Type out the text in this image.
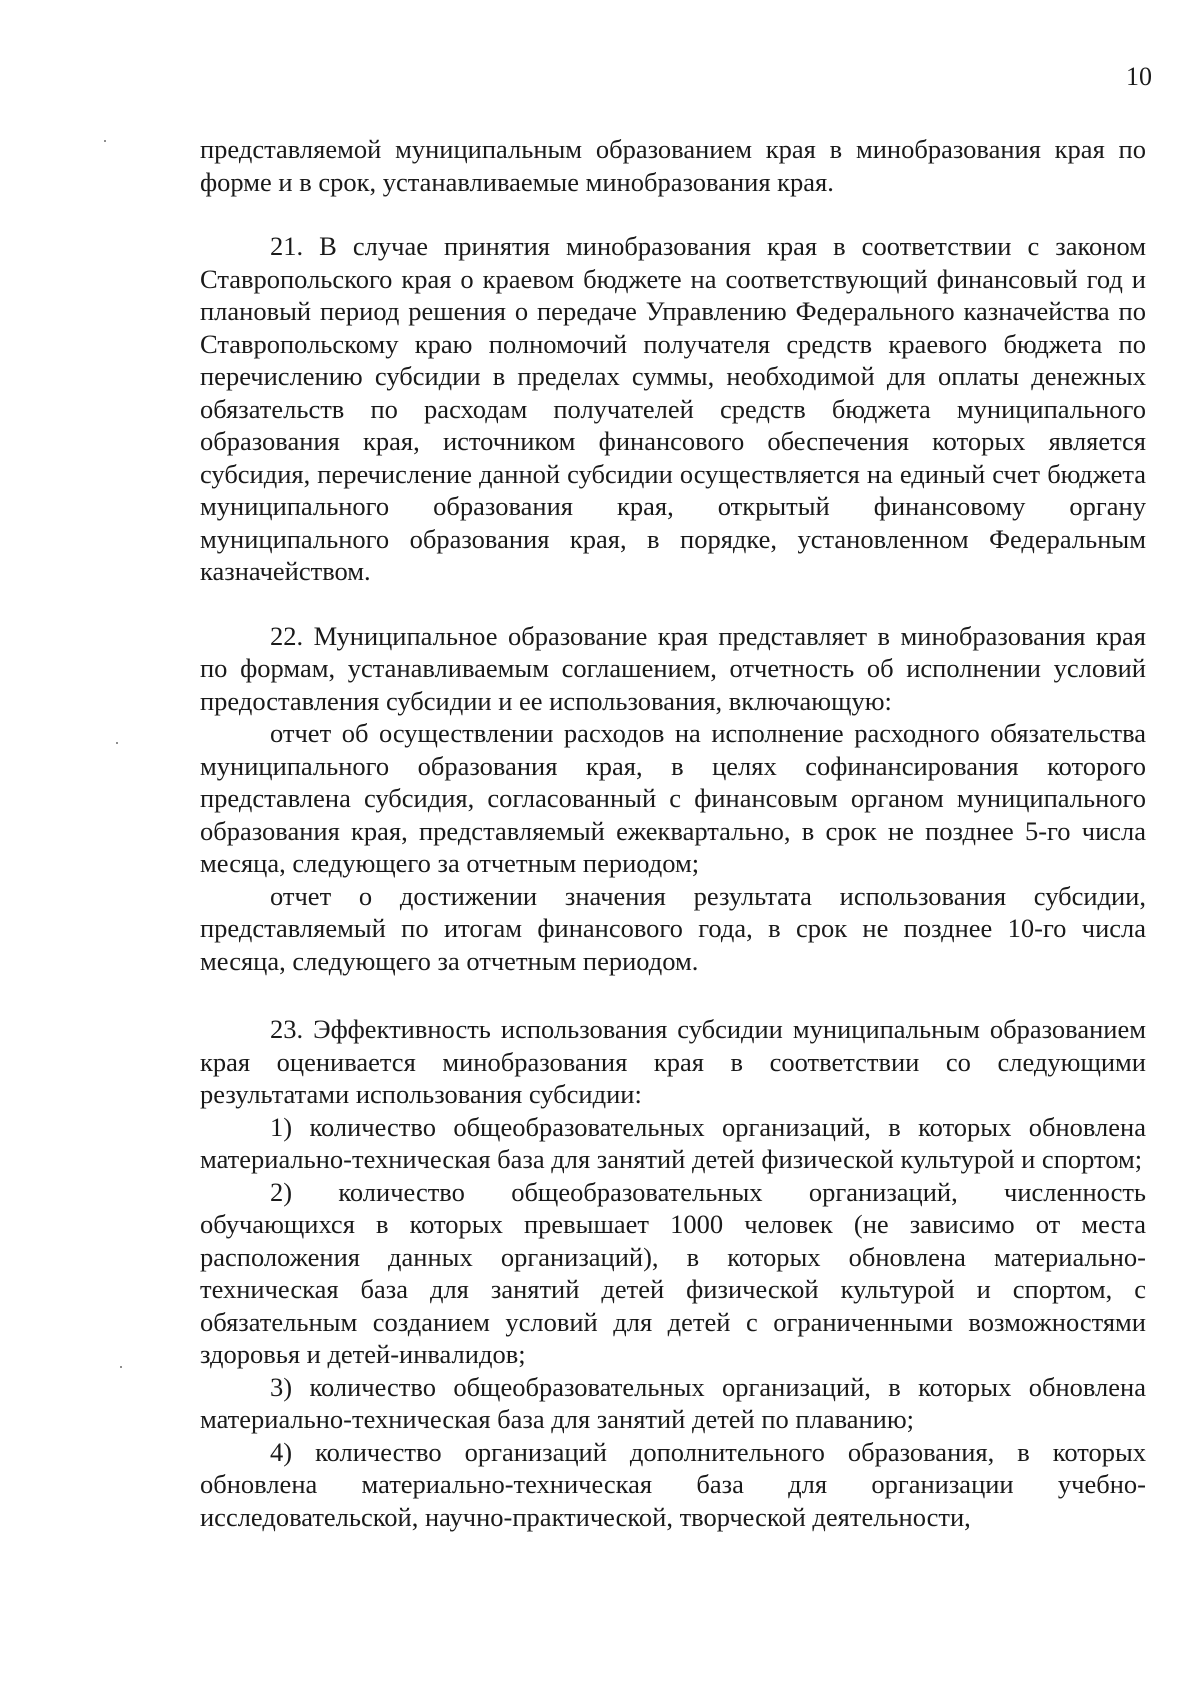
10

представляемой муниципальным образованием края в минобразования края по форме и в срок, устанавливаемые минобразования края.

21. В случае принятия минобразования края в соответствии с законом Ставропольского края о краевом бюджете на соответствующий финансовый год и плановый период решения о передаче Управлению Федерального казначейства по Ставропольскому краю полномочий получателя средств краевого бюджета по перечислению субсидии в пределах суммы, необходимой для оплаты денежных обязательств по расходам получателей средств бюджета муниципального образования края, источником финансового обеспечения которых является субсидия, перечисление данной субсидии осуществляется на единый счет бюджета муниципального образования края, открытый финансовому органу муниципального образования края, в порядке, установленном Федеральным казначейством.

22. Муниципальное образование края представляет в минобразования края по формам, устанавливаемым соглашением, отчетность об исполнении условий предоставления субсидии и ее использования, включающую:

отчет об осуществлении расходов на исполнение расходного обязательства муниципального образования края, в целях софинансирования которого представлена субсидия, согласованный с финансовым органом муниципального образования края, представляемый ежеквартально, в срок не позднее 5-го числа месяца, следующего за отчетным периодом;

отчет о достижении значения результата использования субсидии, представляемый по итогам финансового года, в срок не позднее 10-го числа месяца, следующего за отчетным периодом.

23. Эффективность использования субсидии муниципальным образованием края оценивается минобразования края в соответствии со следующими результатами использования субсидии:

1) количество общеобразовательных организаций, в которых обновлена материально-техническая база для занятий детей физической культурой и спортом;

2) количество общеобразовательных организаций, численность обучающихся в которых превышает 1000 человек (не зависимо от места расположения данных организаций), в которых обновлена материально-техническая база для занятий детей физической культурой и спортом, с обязательным созданием условий для детей с ограниченными возможностями здоровья и детей-инвалидов;

3) количество общеобразовательных организаций, в которых обновлена материально-техническая база для занятий детей по плаванию;

4) количество организаций дополнительного образования, в которых обновлена материально-техническая база для организации учебно-исследовательской, научно-практической, творческой деятельности,
